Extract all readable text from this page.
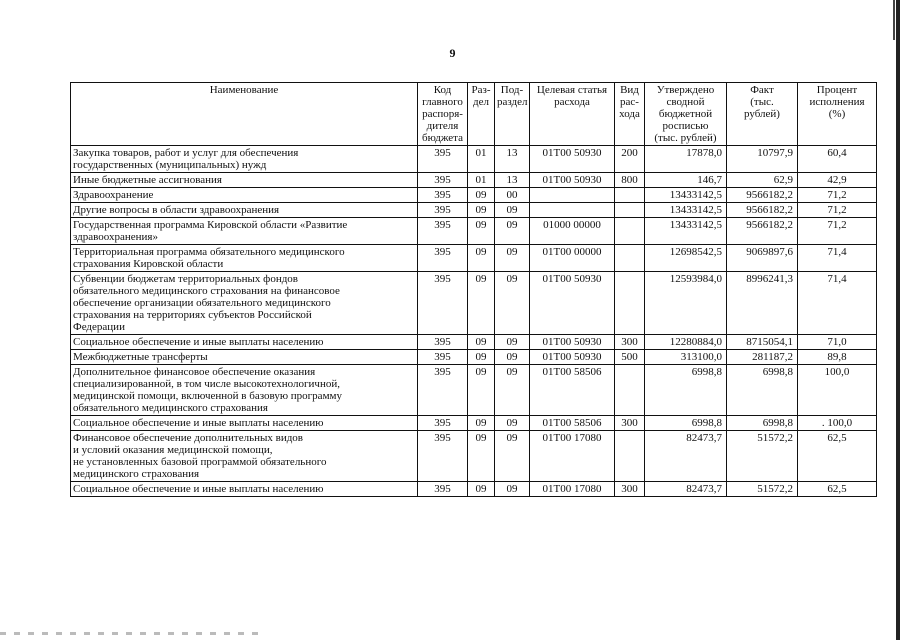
9
Наименование	Код
главного
распоря-
дителя
бюджета	Раз-
дел	Под-
раздел	Целевая статья
расхода	Вид
рас-
хода	Утверждено
сводной
бюджетной
росписью
(тыс. рублей)	Факт
(тыс.
рублей)	Процент
исполнения
(%)
Закупка товаров, работ и услуг для обеспечения
государственных (муниципальных) нужд	395	01	13	01Т00 50930	200	17878,0	10797,9	60,4
Иные бюджетные ассигнования	395	01	13	01Т00 50930	800	146,7	62,9	42,9
Здравоохранение	395	09	00			13433142,5	9566182,2	71,2
Другие вопросы в области здравоохранения	395	09	09			13433142,5	9566182,2	71,2
Государственная программа Кировской области «Развитие
здравоохранения»	395	09	09	01000 00000		13433142,5	9566182,2	71,2
Территориальная программа обязательного медицинского
страхования Кировской области	395	09	09	01Т00 00000		12698542,5	9069897,6	71,4
Субвенции бюджетам территориальных фондов
обязательного медицинского страхования на финансовое
обеспечение организации обязательного медицинского
страхования на территориях субъектов Российской
Федерации	395	09	09	01Т00 50930		12593984,0	8996241,3	71,4
Социальное обеспечение и иные выплаты населению	395	09	09	01Т00 50930	300	12280884,0	8715054,1	71,0
Межбюджетные трансферты	395	09	09	01Т00 50930	500	313100,0	281187,2	89,8
Дополнительное финансовое обеспечение оказания
специализированной, в том числе высокотехнологичной,
медицинской помощи, включенной в базовую программу
обязательного медицинского страхования	395	09	09	01Т00 58506		6998,8	6998,8	100,0
Социальное обеспечение и иные выплаты населению	395	09	09	01Т00 58506	300	6998,8	6998,8	. 100,0
Финансовое обеспечение дополнительных видов
и условий оказания медицинской помощи,
не установленных базовой программой обязательного
медицинского страхования	395	09	09	01Т00 17080		82473,7	51572,2	62,5
Социальное обеспечение и иные выплаты населению	395	09	09	01Т00 17080	300	82473,7	51572,2	62,5
